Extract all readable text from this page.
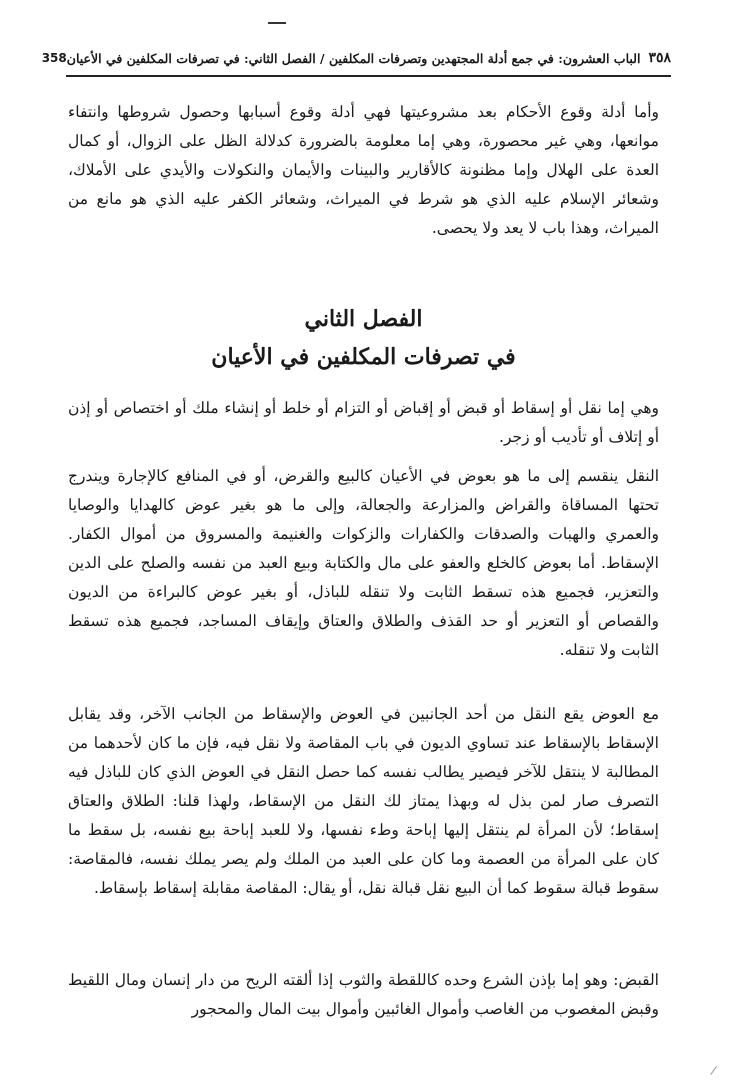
٣٥٨
الباب العشرون: في جمع أدلة المجتهدين وتصرفات المكلفين / الفصل الثاني: في تصرفات المكلفين في الأعيان
358

وأما أدلة وقوع الأحكام بعد مشروعيتها فهي أدلة وقوع أسبابها وحصول شروطها وانتفاء موانعها، وهي غير محصورة، وهي إما معلومة بالضرورة كدلالة الظل على الزوال، أو كمال العدة على الهلال وإما مظنونة كالأقارير والبينات والأيمان والنكولات والأيدي على الأملاك، وشعائر الإسلام عليه الذي هو شرط في الميراث، وشعائر الكفر عليه الذي هو مانع من الميراث، وهذا باب لا يعد ولا يحصى.

الفصل الثاني
في تصرفات المكلفين في الأعيان

وهي إما نقل أو إسقاط أو قبض أو إقباض أو التزام أو خلط أو إنشاء ملك أو اختصاص أو إذن أو إتلاف أو تأديب أو زجر.

النقل ينقسم إلى ما هو بعوض في الأعيان كالبيع والقرض، أو في المنافع كالإجارة ويندرج تحتها المساقاة والقراض والمزارعة والجعالة، وإلى ما هو بغير عوض كالهدايا والوصايا والعمري والهبات والصدقات والكفارات والزكوات والغنيمة والمسروق من أموال الكفار. الإسقاط. أما بعوض كالخلع والعفو على مال والكتابة وبيع العبد من نفسه والصلح على الدين والتعزير، فجميع هذه تسقط الثابت ولا تنقله للباذل، أو بغير عوض كالبراءة من الديون والقصاص أو التعزير أو حد القذف والطلاق والعتاق وإيقاف المساجد، فجميع هذه تسقط الثابت ولا تنقله.

مع العوض يقع النقل من أحد الجانبين في العوض والإسقاط من الجانب الآخر، وقد يقابل الإسقاط بالإسقاط عند تساوي الديون في باب المقاصة ولا نقل فيه، فإن ما كان لأحدهما من المطالبة لا ينتقل للآخر فيصير يطالب نفسه كما حصل النقل في العوض الذي كان للباذل فيه التصرف صار لمن بذل له وبهذا يمتاز لك النقل من الإسقاط، ولهذا قلنا: الطلاق والعتاق إسقاط؛ لأن المرأة لم ينتقل إليها إباحة وطء نفسها، ولا للعبد إباحة بيع نفسه، بل سقط ما كان على المرأة من العصمة وما كان على العبد من الملك ولم يصر يملك نفسه، فالمقاصة: سقوط قبالة سقوط كما أن البيع نقل قبالة نقل، أو يقال: المقاصة مقابلة إسقاط بإسقاط.

القبض: وهو إما بإذن الشرع وحده كاللقطة والثوب إذا ألقته الريح من دار إنسان ومال اللقيط وقبض المغصوب من الغاصب وأموال الغائبين وأموال بيت المال والمحجور
